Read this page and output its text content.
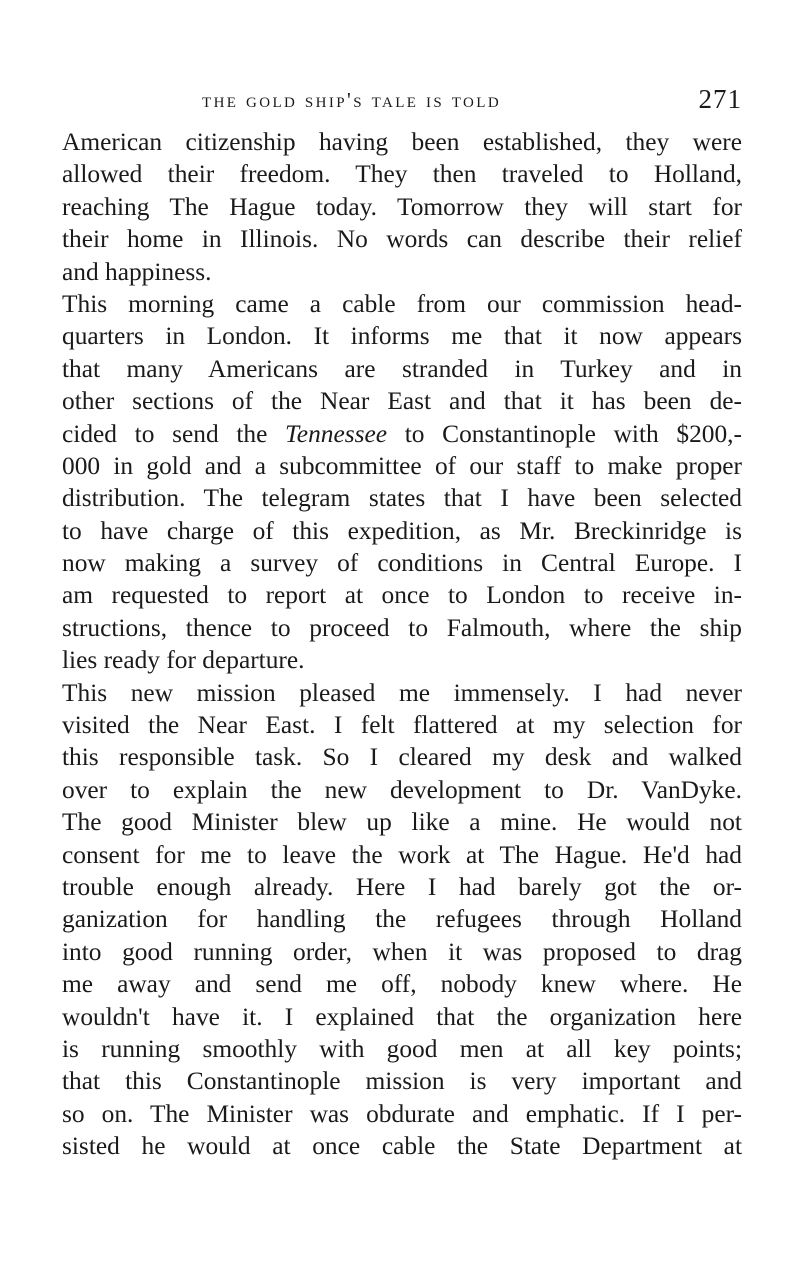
the gold ship's tale is told	271
American citizenship having been established, they were
allowed their freedom. They then traveled to Holland,
reaching The Hague today. Tomorrow they will start for
their home in Illinois. No words can describe their relief
and happiness.
This morning came a cable from our commission head-
quarters in London. It informs me that it now appears
that many Americans are stranded in Turkey and in
other sections of the Near East and that it has been de-
cided to send the Tennessee to Constantinople with $200,-
000 in gold and a subcommittee of our staff to make proper
distribution. The telegram states that I have been selected
to have charge of this expedition, as Mr. Breckinridge is
now making a survey of conditions in Central Europe. I
am requested to report at once to London to receive in-
structions, thence to proceed to Falmouth, where the ship
lies ready for departure.
This new mission pleased me immensely. I had never
visited the Near East. I felt flattered at my selection for
this responsible task. So I cleared my desk and walked
over to explain the new development to Dr. VanDyke.
The good Minister blew up like a mine. He would not
consent for me to leave the work at The Hague. He'd had
trouble enough already. Here I had barely got the or-
ganization for handling the refugees through Holland
into good running order, when it was proposed to drag
me away and send me off, nobody knew where. He
wouldn't have it. I explained that the organization here
is running smoothly with good men at all key points;
that this Constantinople mission is very important and
so on. The Minister was obdurate and emphatic. If I per-
sisted he would at once cable the State Department at
